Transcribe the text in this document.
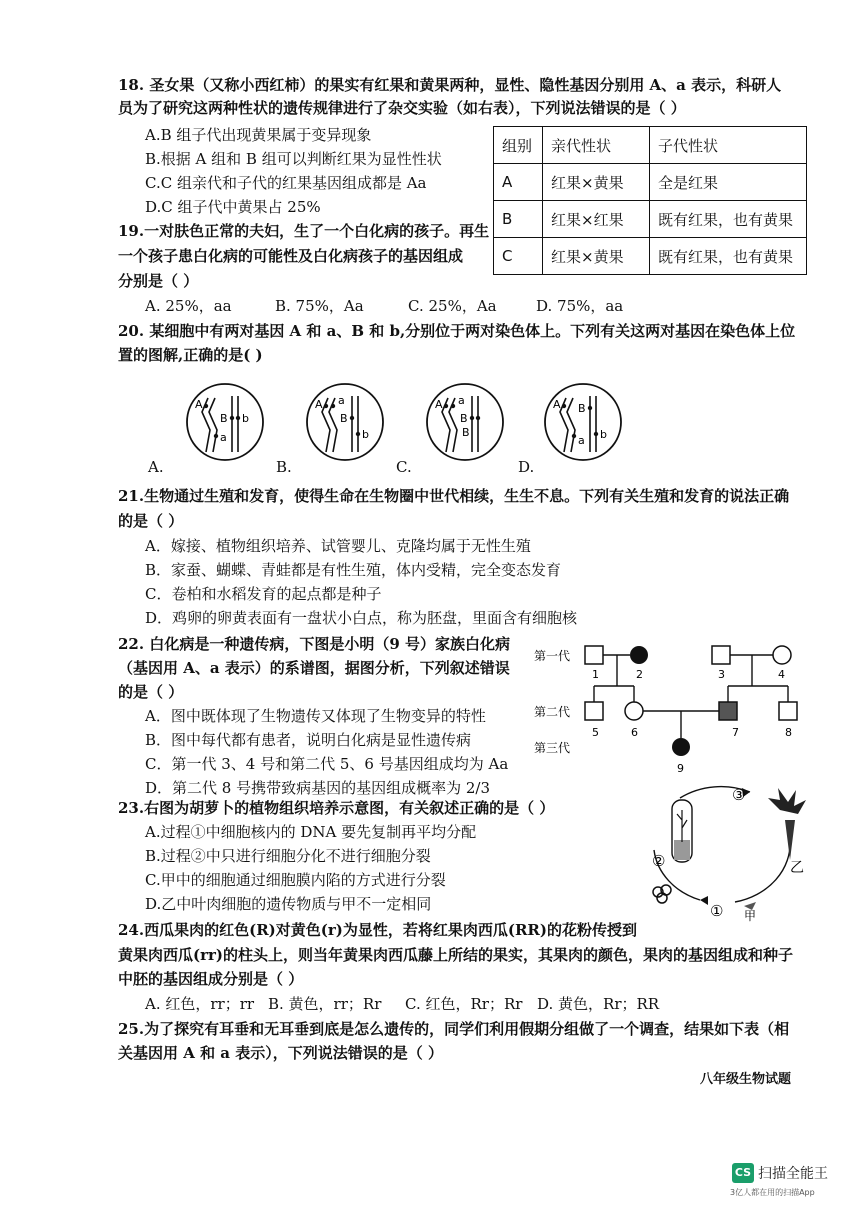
18. 圣女果（又称小西红柿）的果实有红果和黄果两种，显性、隐性基因分别用 A、a 表示，科研人
员为了研究这两种性状的遗传规律进行了杂交实验（如右表），下列说法错误的是（ ）
A.B 组子代出现黄果属于变异现象
B.根据 A 组和 B 组可以判断红果为显性性状
C.C 组亲代和子代的红果基因组成都是 Aa
D.C 组子代中黄果占 25%
组别	亲代性状	子代性状
A	红果×黄果	全是红果
B	红果×红果	既有红果，也有黄果
C	红果×黄果	既有红果，也有黄果
19.一对肤色正常的夫妇，生了一个白化病的孩子。再生
一个孩子患白化病的可能性及白化病孩子的基因组成
分别是（ ）
A. 25%，aa	B. 75%，Aa	C. 25%，Aa	D. 75%，aa
20. 某细胞中有两对基因 A 和 a、B 和 b,分别位于两对染色体上。下列有关这两对基因在染色体上位
置的图解,正确的是( )
A
a
B b
A a
B
b
A a
B
B
A
a
B
b
A.	B.	C.	D.
21.生物通过生殖和发育，使得生命在生物圈中世代相续，生生不息。下列有关生殖和发育的说法正确
的是（ ）
A．嫁接、植物组织培养、试管婴儿、克隆均属于无性生殖
B．家蚕、蝴蝶、青蛙都是有性生殖，体内受精，完全变态发育
C．卷柏和水稻发育的起点都是种子
D．鸡卵的卵黄表面有一盘状小白点，称为胚盘，里面含有细胞核
22. 白化病是一种遗传病，下图是小明（9 号）家族白化病
（基因用 A、a 表示）的系谱图，据图分析，下列叙述错误
的是（ ）
A．图中既体现了生物遗传又体现了生物变异的特性
B．图中每代都有患者，说明白化病是显性遗传病
C．第一代 3、4 号和第二代 5、6 号基因组成均为 Aa
D．第二代 8 号携带致病基因的基因组成概率为 2/3
第一代
第二代
第三代
1	2	3	4
5	6	7	8
9
23.右图为胡萝卜的植物组织培养示意图，有关叙述正确的是（ ）
A.过程①中细胞核内的 DNA 要先复制再平均分配
B.过程②中只进行细胞分化不进行细胞分裂
C.甲中的细胞通过细胞膜内陷的方式进行分裂
D.乙中叶肉细胞的遗传物质与甲不一定相同
③
②
①
乙
甲
24.西瓜果肉的红色(R)对黄色(r)为显性，若将红果肉西瓜(RR)的花粉传授到
黄果肉西瓜(rr)的柱头上，则当年黄果肉西瓜藤上所结的果实，其果肉的颜色，果肉的基因组成和种子
中胚的基因组成分别是（ ）
A. 红色，rr；rr B. 黄色，rr；Rr C. 红色，Rr；Rr D. 黄色，Rr；RR
25.为了探究有耳垂和无耳垂到底是怎么遗传的，同学们利用假期分组做了一个调查，结果如下表（相
关基因用 A 和 a 表示），下列说法错误的是（ ）
八年级生物试题
CS 扫描全能王
3亿人都在用的扫描App
